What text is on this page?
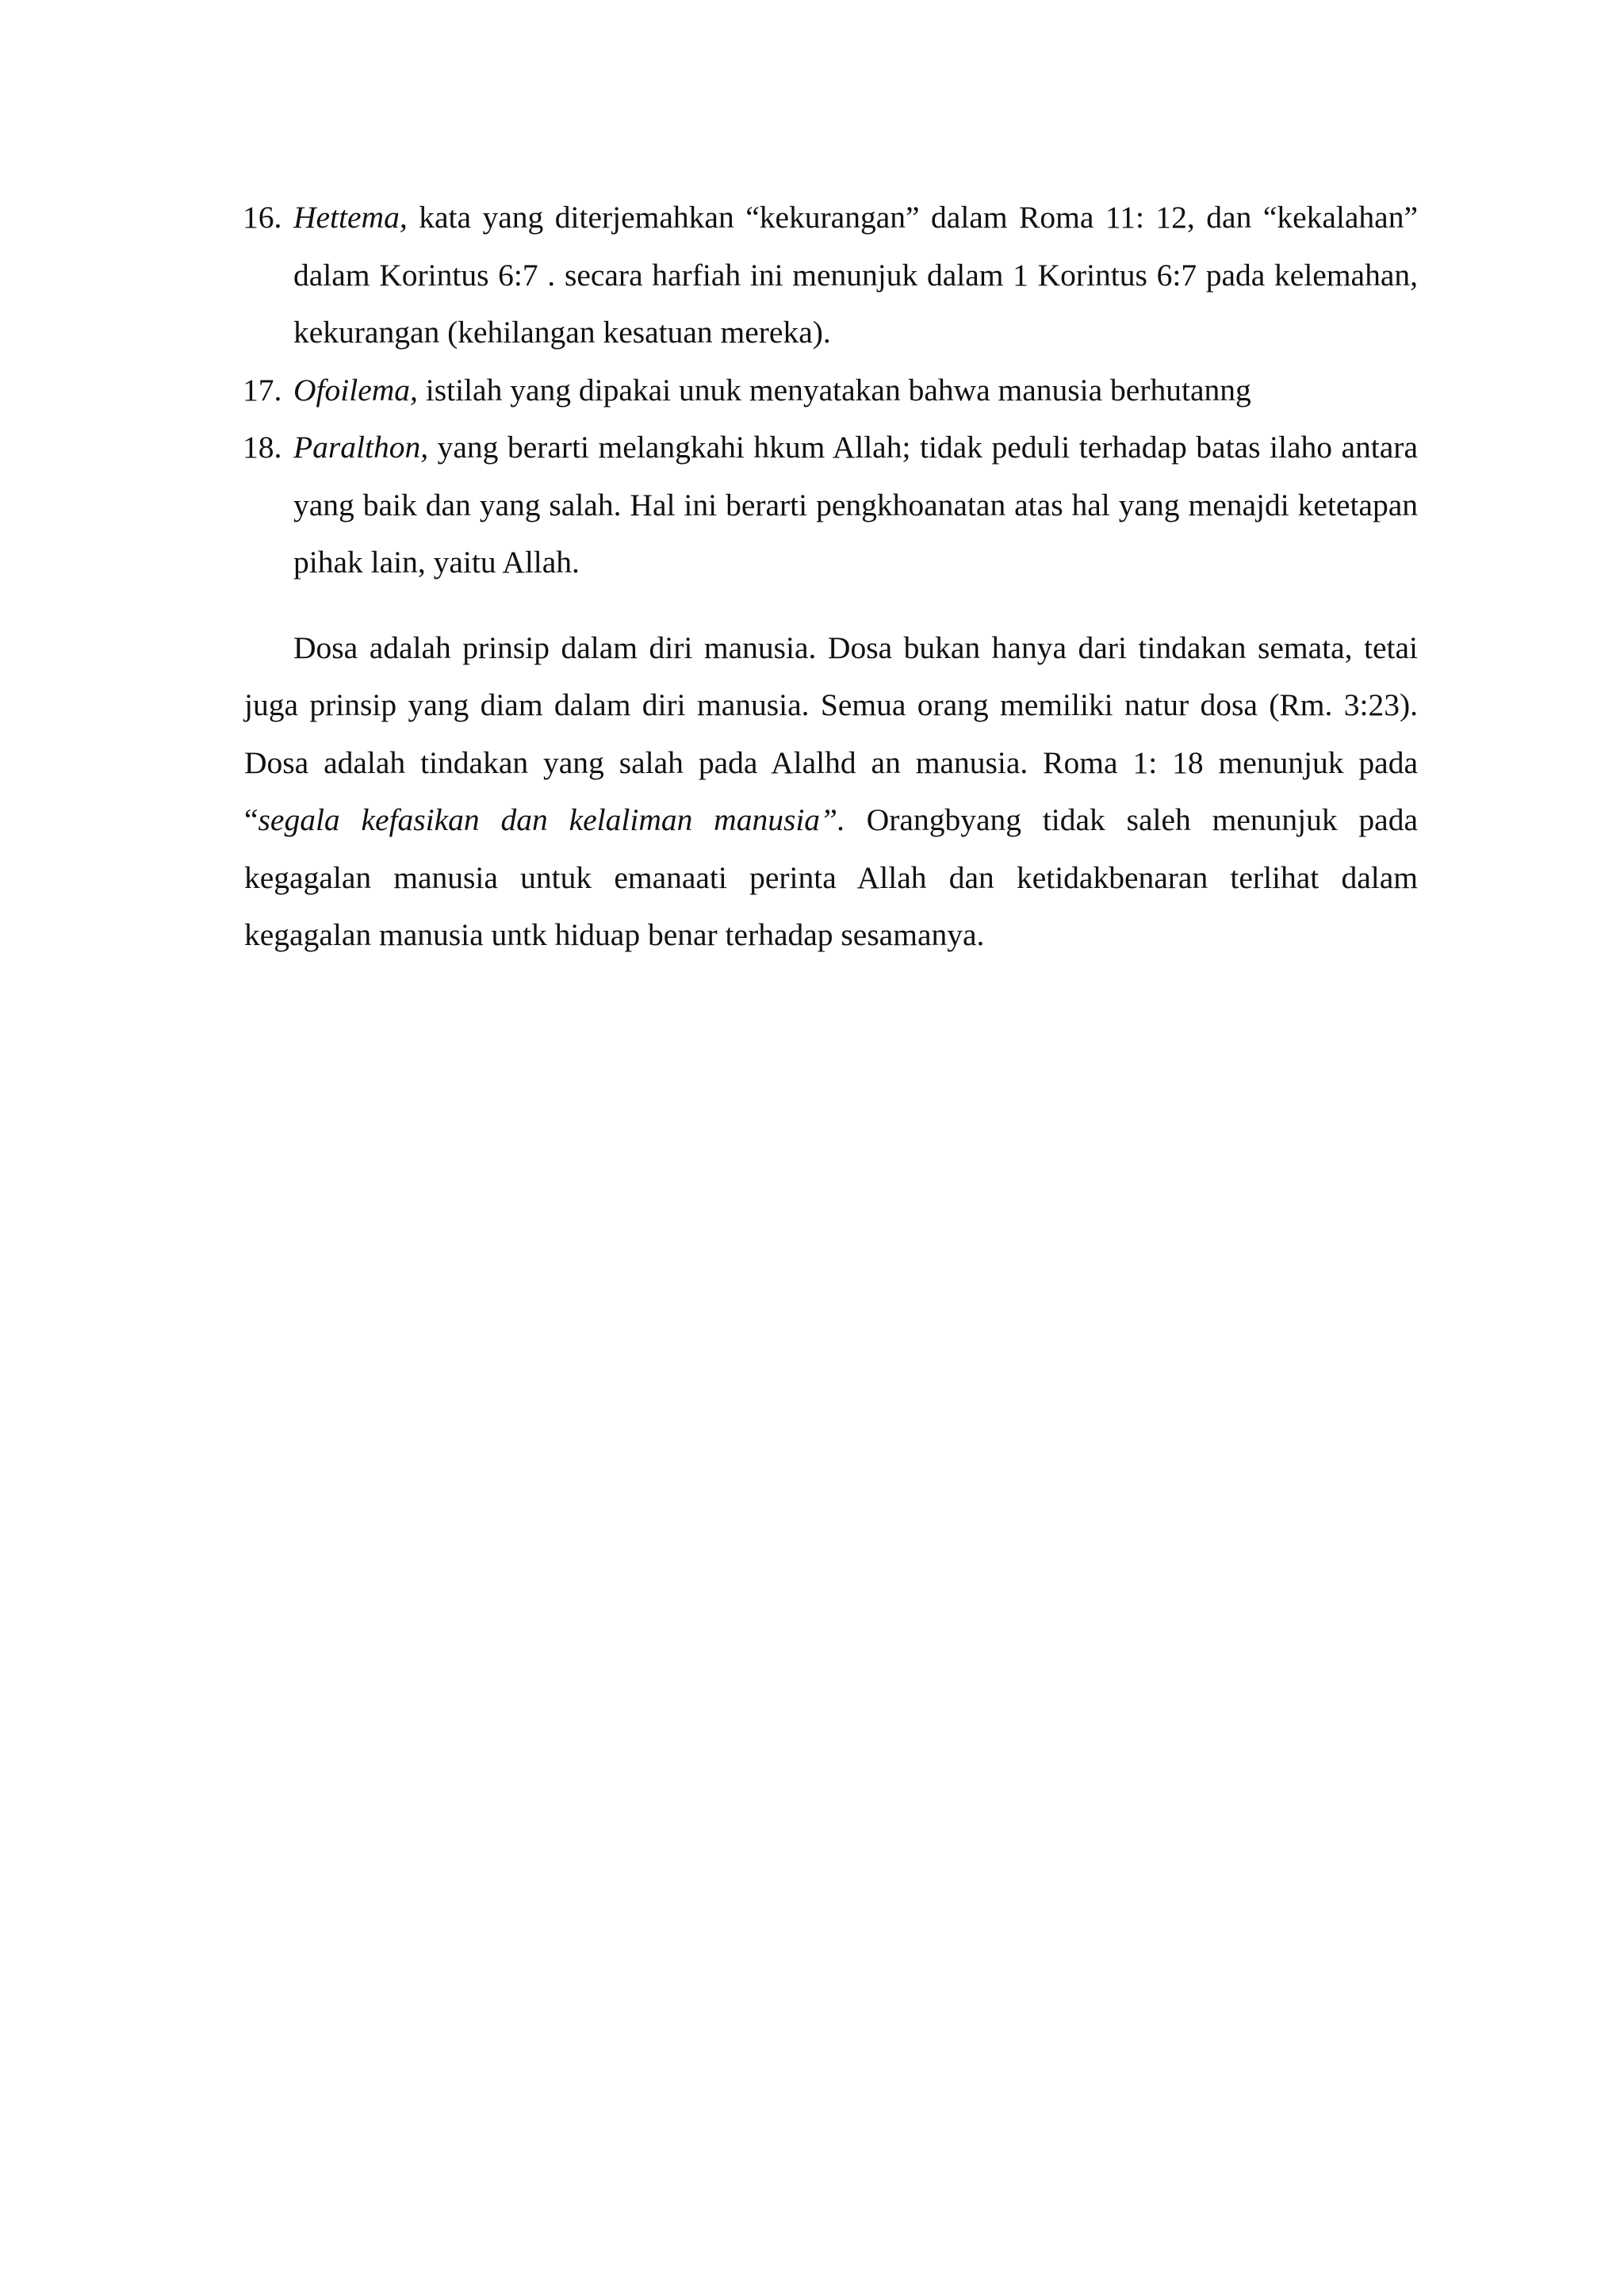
16. Hettema, kata yang diterjemahkan “kekurangan” dalam Roma 11: 12, dan “kekalahan” dalam Korintus 6:7 . secara harfiah ini menunjuk dalam 1 Korintus 6:7 pada kelemahan, kekurangan (kehilangan kesatuan mereka).
17. Ofoilema, istilah yang dipakai unuk menyatakan bahwa manusia berhutanng
18. Paralthon, yang berarti melangkahi hkum Allah; tidak peduli terhadap batas ilaho antara yang baik dan yang salah. Hal ini berarti pengkhoanatan atas hal yang menajdi ketetapan pihak lain, yaitu Allah.

Dosa adalah prinsip dalam diri manusia. Dosa bukan hanya dari tindakan semata, tetai juga prinsip yang diam dalam diri manusia. Semua orang memiliki natur dosa (Rm. 3:23). Dosa adalah tindakan yang salah pada Alalhd an manusia. Roma 1: 18 menunjuk pada “segala kefasikan dan kelaliman manusia”. Orangbyang tidak saleh menunjuk pada kegagalan manusia untuk emanaati perinta Allah dan ketidakbenaran terlihat dalam kegagalan manusia untk hiduap benar terhadap sesamanya.
